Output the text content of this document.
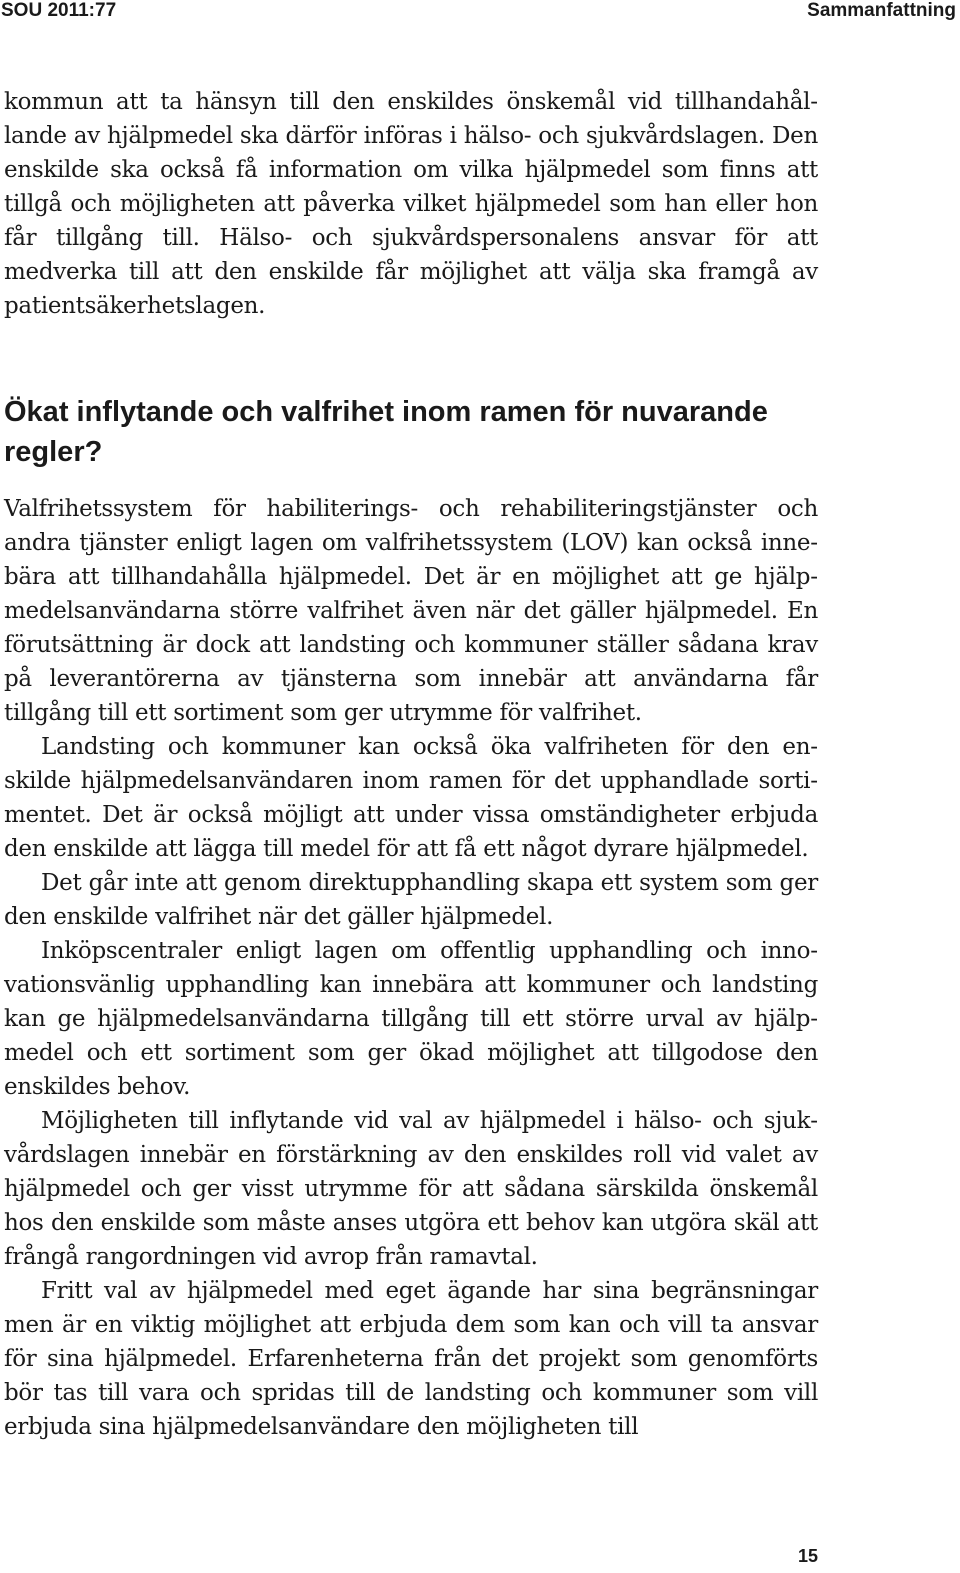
SOU 2011:77	Sammanfattning

kommun att ta hänsyn till den enskildes önskemål vid tillhandahållande av hjälpmedel ska därför införas i hälso- och sjukvårdslagen. Den enskilde ska också få information om vilka hjälpmedel som finns att tillgå och möjligheten att påverka vilket hjälpmedel som han eller hon får tillgång till. Hälso- och sjukvårdspersonalens ansvar för att medverka till att den enskilde får möjlighet att välja ska framgå av patientsäkerhetslagen.

Ökat inflytande och valfrihet inom ramen för nuvarande regler?

Valfrihetssystem för habiliterings- och rehabiliteringstjänster och andra tjänster enligt lagen om valfrihetssystem (LOV) kan också innebära att tillhandahålla hjälpmedel. Det är en möjlighet att ge hjälpmedelsanvändarna större valfrihet även när det gäller hjälpmedel. En förutsättning är dock att landsting och kommuner ställer sådana krav på leverantörerna av tjänsterna som innebär att användarna får tillgång till ett sortiment som ger utrymme för valfrihet.

Landsting och kommuner kan också öka valfriheten för den enskilde hjälpmedelsanvändaren inom ramen för det upphandlade sortimentet. Det är också möjligt att under vissa omständigheter erbjuda den enskilde att lägga till medel för att få ett något dyrare hjälpmedel.

Det går inte att genom direktupphandling skapa ett system som ger den enskilde valfrihet när det gäller hjälpmedel.

Inköpscentraler enligt lagen om offentlig upphandling och innovationsvänlig upphandling kan innebära att kommuner och landsting kan ge hjälpmedelsanvändarna tillgång till ett större urval av hjälpmedel och ett sortiment som ger ökad möjlighet att tillgodose den enskildes behov.

Möjligheten till inflytande vid val av hjälpmedel i hälso- och sjukvårdslagen innebär en förstärkning av den enskildes roll vid valet av hjälpmedel och ger visst utrymme för att sådana särskilda önskemål hos den enskilde som måste anses utgöra ett behov kan utgöra skäl att frångå rangordningen vid avrop från ramavtal.

Fritt val av hjälpmedel med eget ägande har sina begränsningar men är en viktig möjlighet att erbjuda dem som kan och vill ta ansvar för sina hjälpmedel. Erfarenheterna från det projekt som genomförts bör tas till vara och spridas till de landsting och kommuner som vill erbjuda sina hjälpmedelsanvändare den möjligheten till

15
